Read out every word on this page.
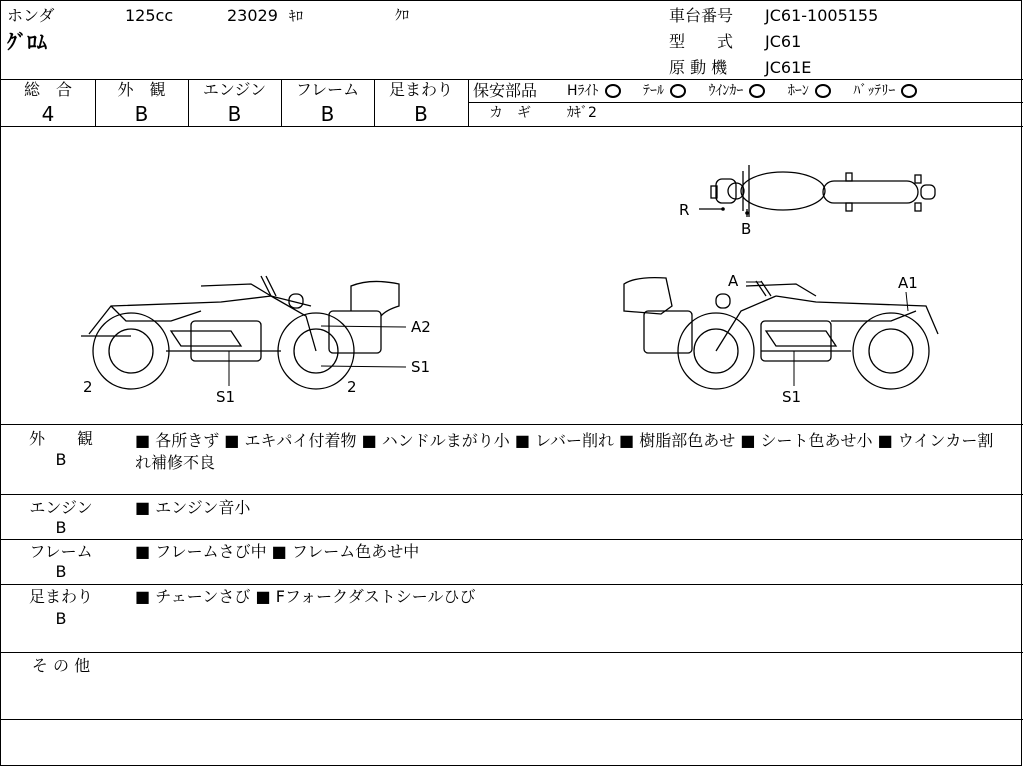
ホンダ	125cc	23029 ｷﾛ	ｸﾛ
ｸﾞﾛﾑ
車台番号 JC61-1005155
型　　式 JC61
原 動 機 JC61E
総　合
4
外　観
B
エンジン
B
フレーム
B
足まわり
B
保安部品 Hﾗｲﾄ	ﾃｰﾙ	ｳｲﾝｶｰ	ﾎｰﾝ	ﾊﾞｯﾃﾘｰ
カ　ギ	ｶｷﾞ2
R
B
A2
S1
2	2
S1
A	A1
S1
外　　観
B
■ 各所きず ■ エキパイ付着物 ■ ハンドルまがり小 ■ レバー削れ ■ 樹脂部色あせ ■ シート色あせ小 ■ ウインカー割れ補修不良
エンジン
B
■ エンジン音小
フレーム
B
■ フレームさび中 ■ フレーム色あせ中
足まわり
B
■ チェーンさび ■ Fフォークダストシールひび
そ の 他
